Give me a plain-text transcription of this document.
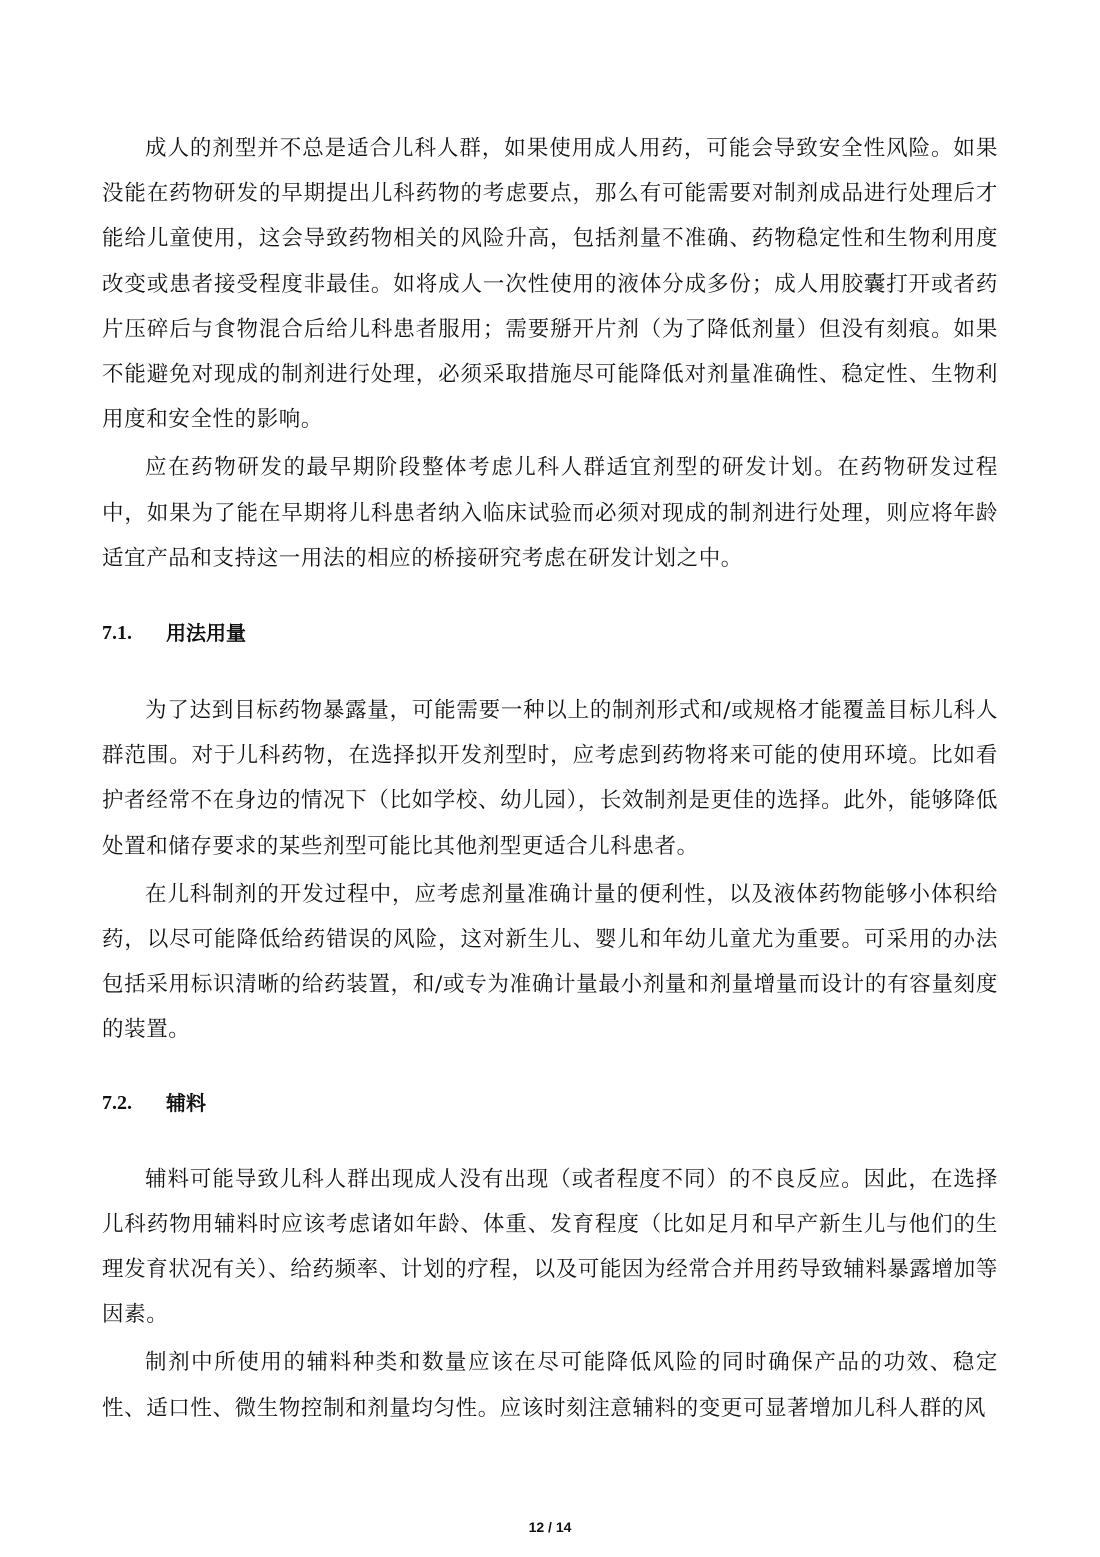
成人的剂型并不总是适合儿科人群，如果使用成人用药，可能会导致安全性风险。如果没能在药物研发的早期提出儿科药物的考虑要点，那么有可能需要对制剂成品进行处理后才能给儿童使用，这会导致药物相关的风险升高，包括剂量不准确、药物稳定性和生物利用度改变或患者接受程度非最佳。如将成人一次性使用的液体分成多份；成人用胶囊打开或者药片压碎后与食物混合后给儿科患者服用；需要掰开片剂（为了降低剂量）但没有刻痕。如果不能避免对现成的制剂进行处理，必须采取措施尽可能降低对剂量准确性、稳定性、生物利用度和安全性的影响。

应在药物研发的最早期阶段整体考虑儿科人群适宜剂型的研发计划。在药物研发过程中，如果为了能在早期将儿科患者纳入临床试验而必须对现成的制剂进行处理，则应将年龄适宜产品和支持这一用法的相应的桥接研究考虑在研发计划之中。

7.1.	用法用量

为了达到目标药物暴露量，可能需要一种以上的制剂形式和/或规格才能覆盖目标儿科人群范围。对于儿科药物，在选择拟开发剂型时，应考虑到药物将来可能的使用环境。比如看护者经常不在身边的情况下（比如学校、幼儿园），长效制剂是更佳的选择。此外，能够降低处置和储存要求的某些剂型可能比其他剂型更适合儿科患者。

在儿科制剂的开发过程中，应考虑剂量准确计量的便利性，以及液体药物能够小体积给药，以尽可能降低给药错误的风险，这对新生儿、婴儿和年幼儿童尤为重要。可采用的办法包括采用标识清晰的给药装置，和/或专为准确计量最小剂量和剂量增量而设计的有容量刻度的装置。

7.2.	辅料

辅料可能导致儿科人群出现成人没有出现（或者程度不同）的不良反应。因此，在选择儿科药物用辅料时应该考虑诸如年龄、体重、发育程度（比如足月和早产新生儿与他们的生理发育状况有关）、给药频率、计划的疗程，以及可能因为经常合并用药导致辅料暴露增加等因素。

制剂中所使用的辅料种类和数量应该在尽可能降低风险的同时确保产品的功效、稳定性、适口性、微生物控制和剂量均匀性。应该时刻注意辅料的变更可显著增加儿科人群的风

12 / 14
